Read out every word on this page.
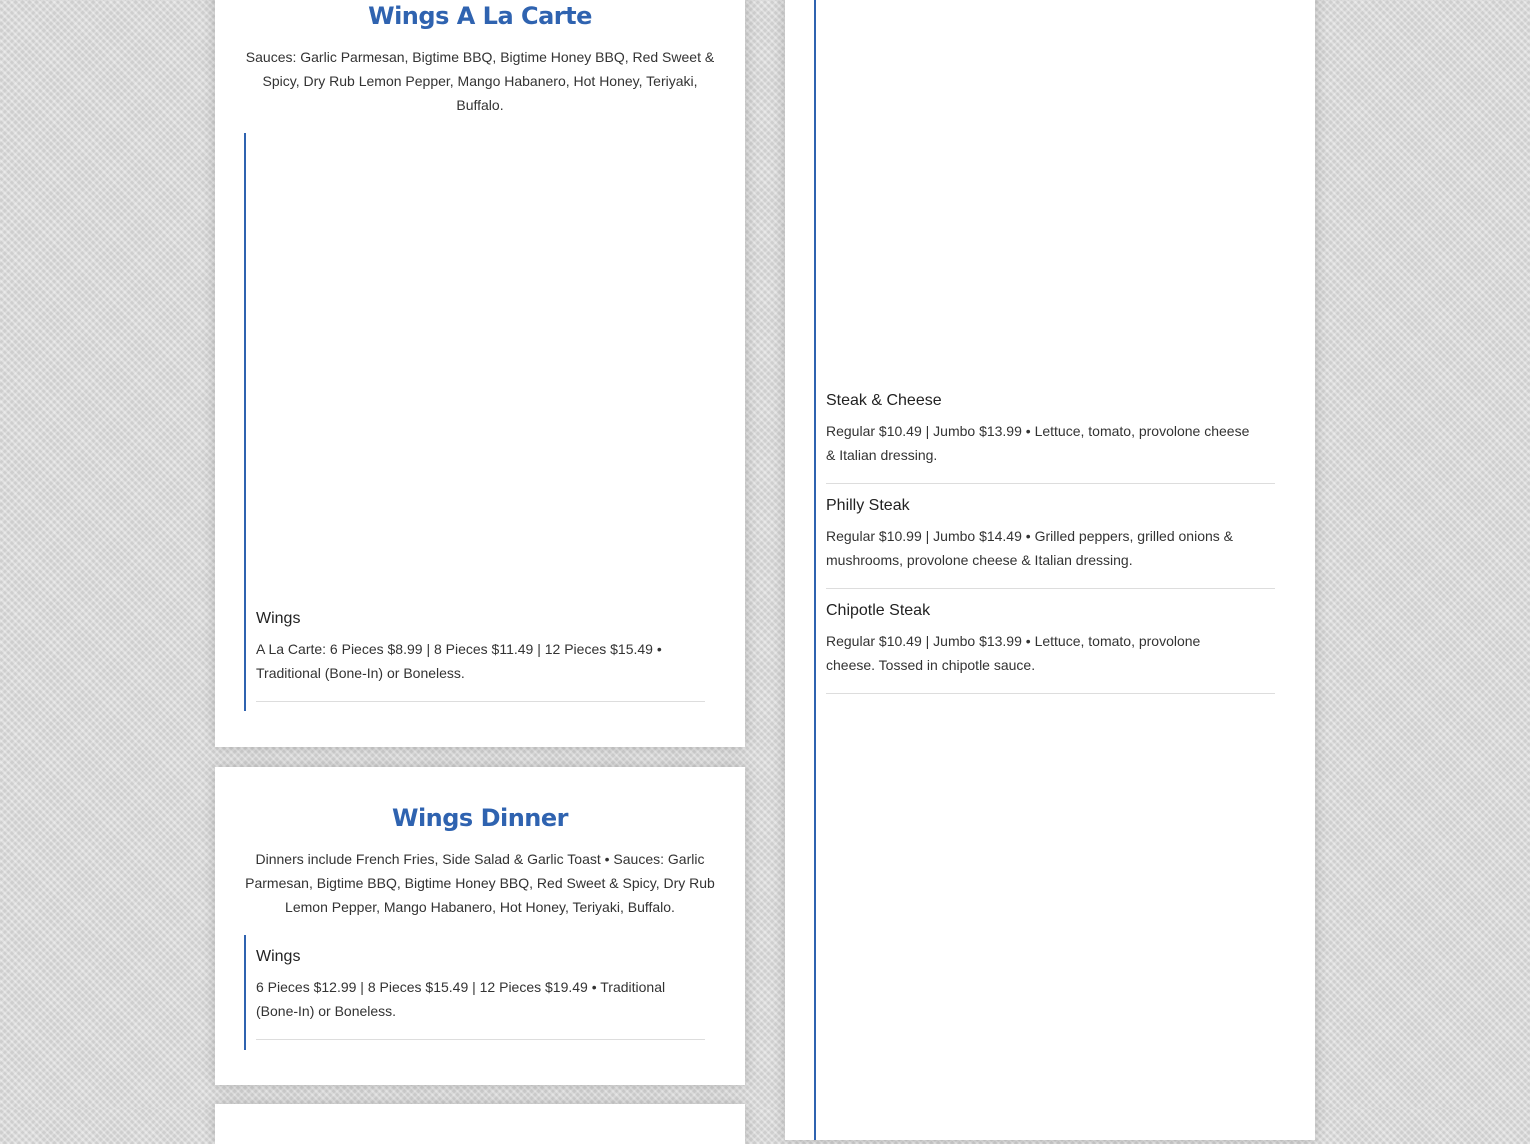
Wings A La Carte

Sauces: Garlic Parmesan, Bigtime BBQ, Bigtime Honey BBQ, Red Sweet & Spicy, Dry Rub Lemon Pepper, Mango Habanero, Hot Honey, Teriyaki, Buffalo.

Wings
A La Carte: 6 Pieces $8.99 | 8 Pieces $11.49 | 12 Pieces $15.49 • Traditional (Bone-In) or Boneless.
Wings Dinner

Dinners include French Fries, Side Salad & Garlic Toast • Sauces: Garlic Parmesan, Bigtime BBQ, Bigtime Honey BBQ, Red Sweet & Spicy, Dry Rub Lemon Pepper, Mango Habanero, Hot Honey, Teriyaki, Buffalo.

Wings
6 Pieces $12.99 | 8 Pieces $15.49 | 12 Pieces $19.49 • Traditional (Bone-In) or Boneless.
Steak & Cheese
Regular $10.49 | Jumbo $13.99 • Lettuce, tomato, provolone cheese & Italian dressing.
Philly Steak
Regular $10.99 | Jumbo $14.49 • Grilled peppers, grilled onions & mushrooms, provolone cheese & Italian dressing.
Chipotle Steak
Regular $10.49 | Jumbo $13.99 • Lettuce, tomato, provolone cheese. Tossed in chipotle sauce.
